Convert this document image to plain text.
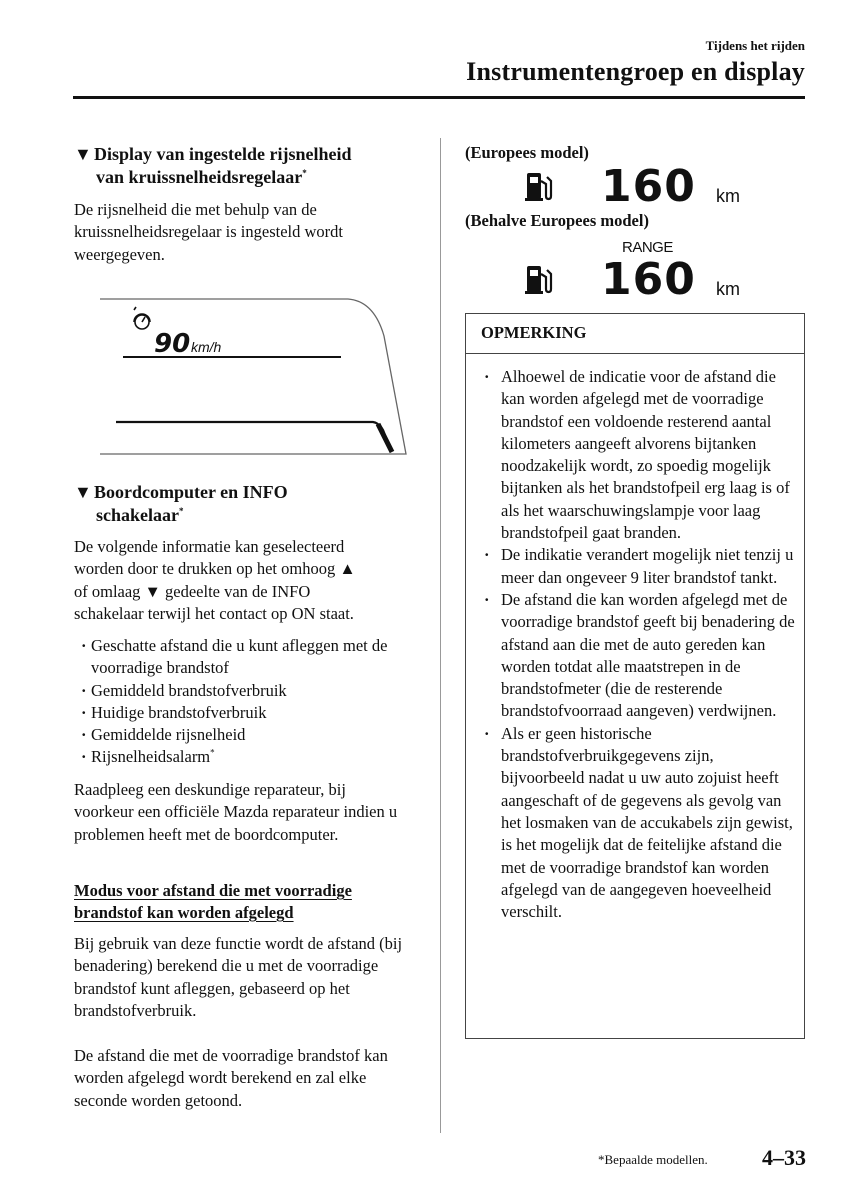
Tijdens het rijden
Instrumentengroep en display
▼ Display van ingestelde rijsnelheid
van kruissnelheidsregelaar*
De rijsnelheid die met behulp van de kruissnelheidsregelaar is ingesteld wordt weergegeven.
90 km/h
▼ Boordcomputer en INFO
schakelaar*

De volgende informatie kan geselecteerd

worden door te drukken op het omhoog ▲

of omlaag ▼ gedeelte van de INFO

schakelaar terwijl het contact op ON staat.

· Geschatte afstand die u kunt afleggen met de voorradige brandstof
· Gemiddeld brandstofverbruik
· Huidige brandstofverbruik
· Gemiddelde rijsnelheid
· Rijsnelheidsalarm*
Raadpleeg een deskundige reparateur, bij voorkeur een officiële Mazda reparateur indien u problemen heeft met de boordcomputer.
Modus voor afstand die met voorradige
brandstof kan worden afgelegd
Bij gebruik van deze functie wordt de afstand (bij benadering) berekend die u met de voorradige brandstof kunt afleggen, gebaseerd op het brandstofverbruik.
De afstand die met de voorradige brandstof kan worden afgelegd wordt berekend en zal elke seconde worden getoond.
(Europees model)
160 km
(Behalve Europees model)
RANGE
160 km
OPMERKING
· Alhoewel de indicatie voor de afstand die kan worden afgelegd met de voorradige brandstof een voldoende resterend aantal kilometers aangeeft alvorens bijtanken noodzakelijk wordt, zo spoedig mogelijk bijtanken als het brandstofpeil erg laag is of als het waarschuwingslampje voor laag brandstofpeil gaat branden.
· De indikatie verandert mogelijk niet tenzij u meer dan ongeveer 9 liter brandstof tankt.
· De afstand die kan worden afgelegd met de voorradige brandstof geeft bij benadering de afstand aan die met de auto gereden kan worden totdat alle maatstrepen in de brandstofmeter (die de resterende brandstofvoorraad aangeven) verdwijnen.
· Als er geen historische brandstofverbruikgegevens zijn, bijvoorbeeld nadat u uw auto zojuist heeft aangeschaft of de gegevens als gevolg van het losmaken van de accukabels zijn gewist, is het mogelijk dat de feitelijke afstand die met de voorradige brandstof kan worden afgelegd van de aangegeven hoeveelheid verschilt.
*Bepaalde modellen. 4–33
